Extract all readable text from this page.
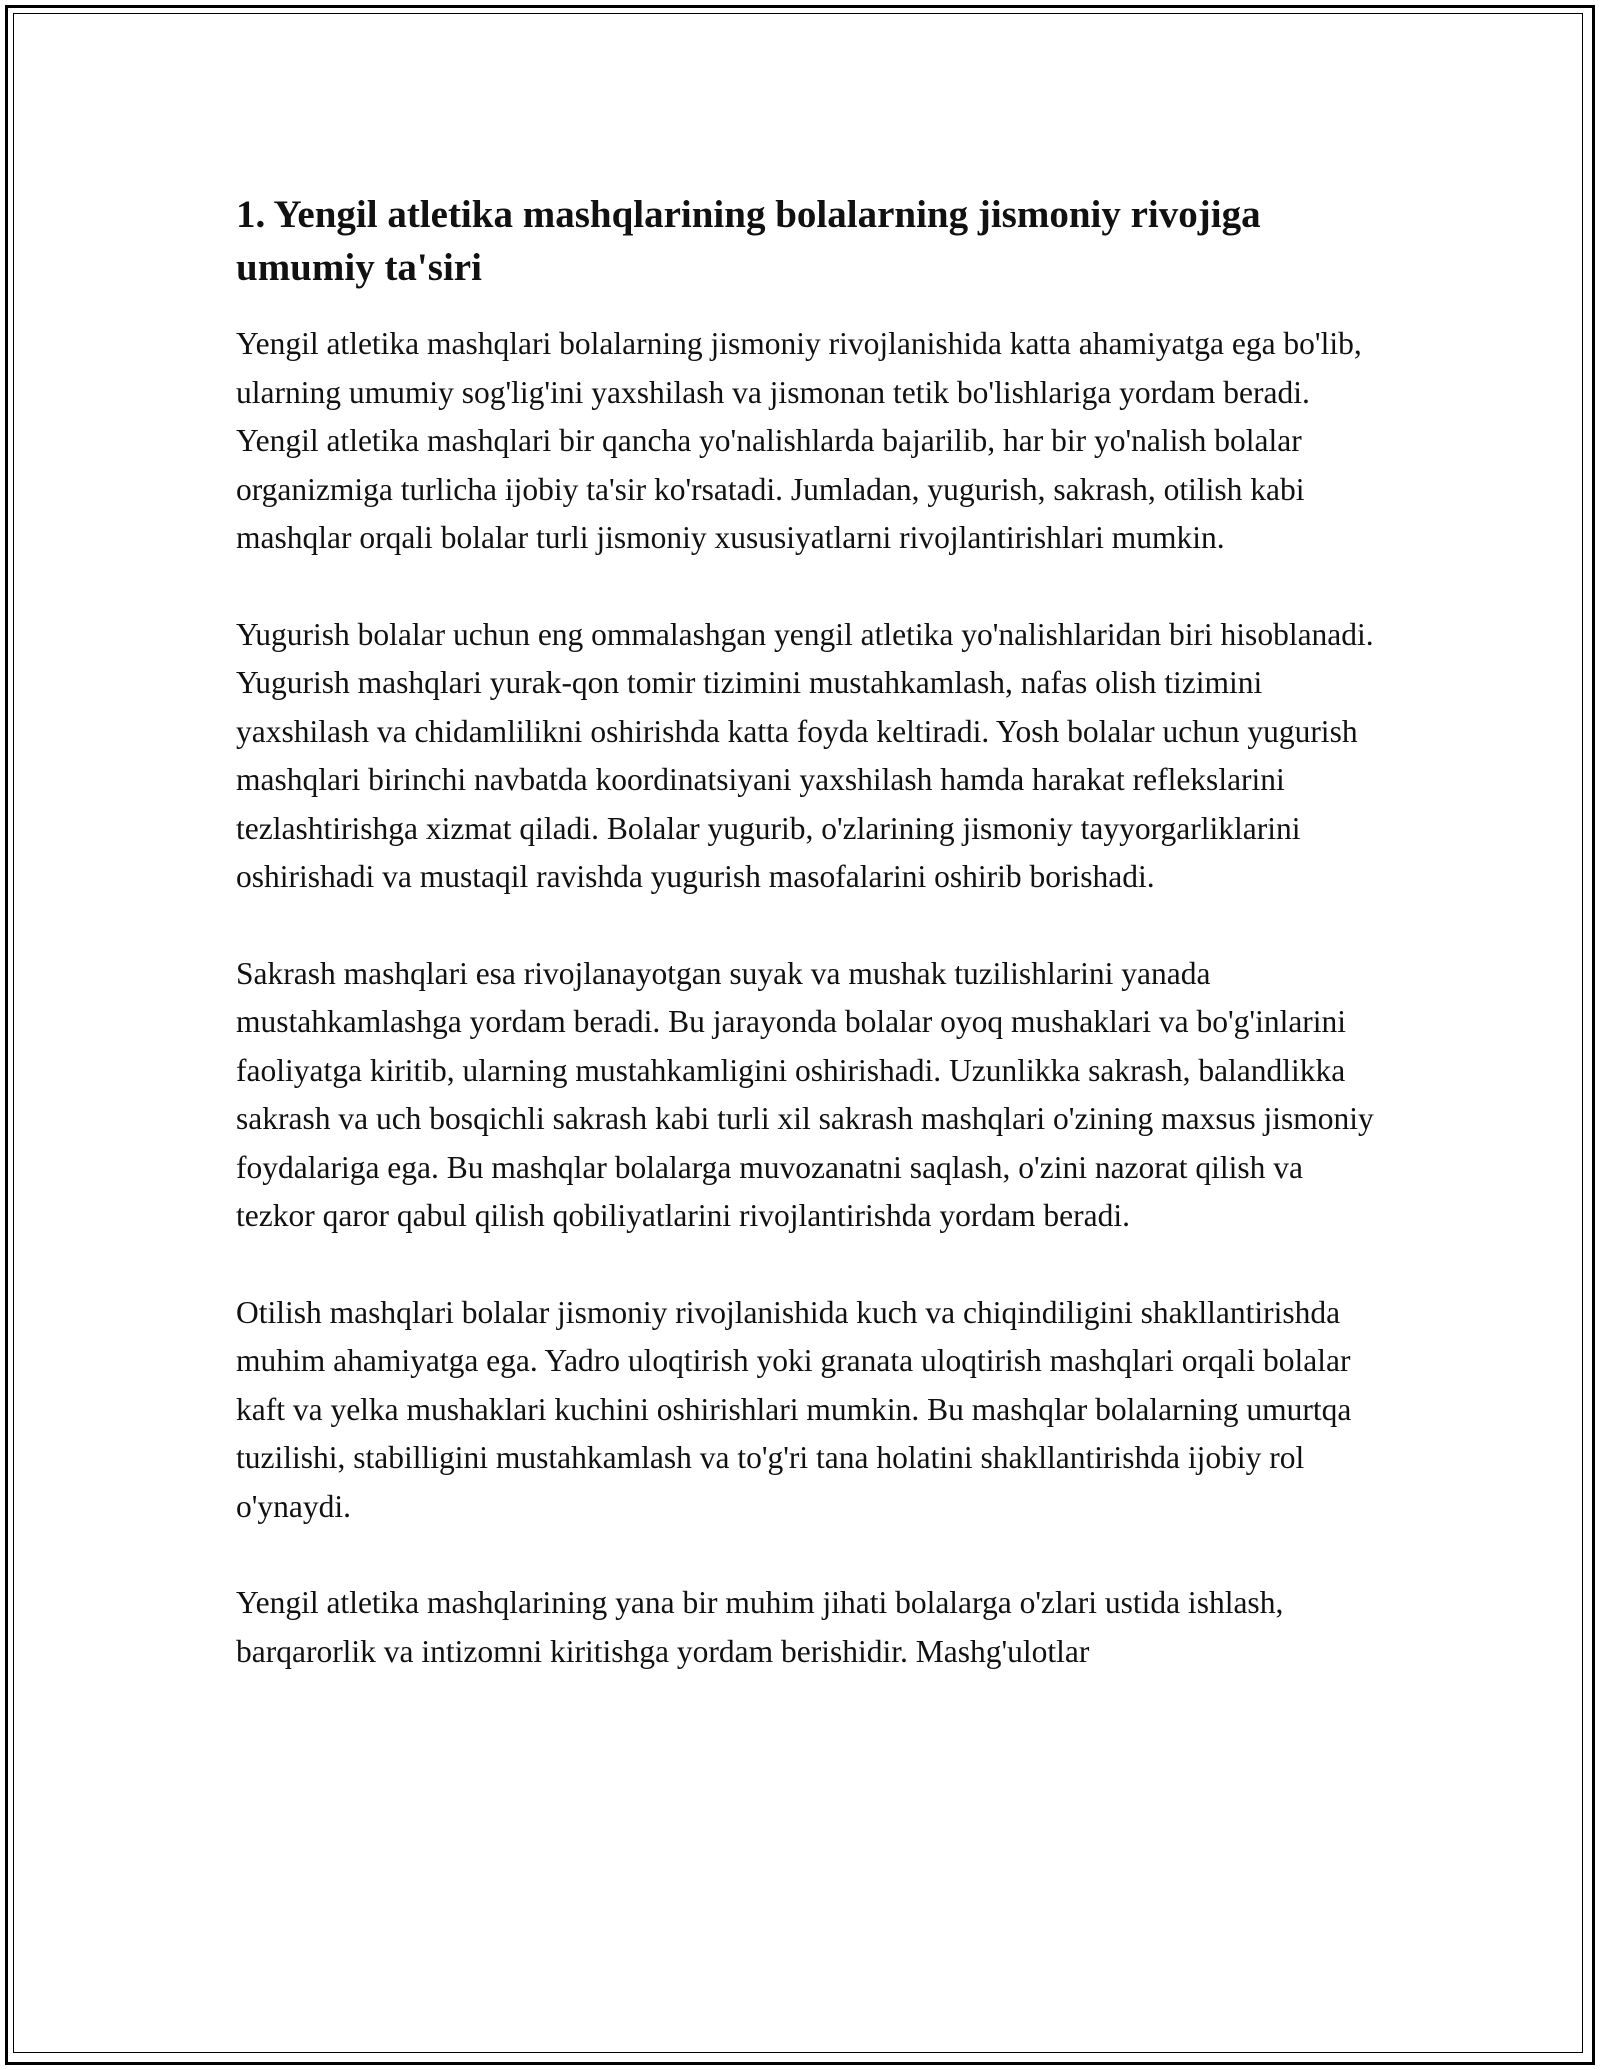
1. Yengil atletika mashqlarining bolalarning jismoniy rivojiga umumiy ta'siri

Yengil atletika mashqlari bolalarning jismoniy rivojlanishida katta ahamiyatga ega bo'lib, ularning umumiy sog'lig'ini yaxshilash va jismonan tetik bo'lishlariga yordam beradi. Yengil atletika mashqlari bir qancha yo'nalishlarda bajarilib, har bir yo'nalish bolalar organizmiga turlicha ijobiy ta'sir ko'rsatadi. Jumladan, yugurish, sakrash, otilish kabi mashqlar orqali bolalar turli jismoniy xususiyatlarni rivojlantirishlari mumkin.

Yugurish bolalar uchun eng ommalashgan yengil atletika yo'nalishlaridan biri hisoblanadi. Yugurish mashqlari yurak-qon tomir tizimini mustahkamlash, nafas olish tizimini yaxshilash va chidamlilikni oshirishda katta foyda keltiradi. Yosh bolalar uchun yugurish mashqlari birinchi navbatda koordinatsiyani yaxshilash hamda harakat reflekslarini tezlashtirishga xizmat qiladi. Bolalar yugurib, o'zlarining jismoniy tayyorgarliklarini oshirishadi va mustaqil ravishda yugurish masofalarini oshirib borishadi.

Sakrash mashqlari esa rivojlanayotgan suyak va mushak tuzilishlarini yanada mustahkamlashga yordam beradi. Bu jarayonda bolalar oyoq mushaklari va bo'g'inlarini faoliyatga kiritib, ularning mustahkamligini oshirishadi. Uzunlikka sakrash, balandlikka sakrash va uch bosqichli sakrash kabi turli xil sakrash mashqlari o'zining maxsus jismoniy foydalariga ega. Bu mashqlar bolalarga muvozanatni saqlash, o'zini nazorat qilish va tezkor qaror qabul qilish qobiliyatlarini rivojlantirishda yordam beradi.

Otilish mashqlari bolalar jismoniy rivojlanishida kuch va chiqindiligini shakllantirishda muhim ahamiyatga ega. Yadro uloqtirish yoki granata uloqtirish mashqlari orqali bolalar kaft va yelka mushaklari kuchini oshirishlari mumkin. Bu mashqlar bolalarning umurtqa tuzilishi, stabilligini mustahkamlash va to'g'ri tana holatini shakllantirishda ijobiy rol o'ynaydi.

Yengil atletika mashqlarining yana bir muhim jihati bolalarga o'zlari ustida ishlash, barqarorlik va intizomni kiritishga yordam berishidir. Mashg'ulotlar
